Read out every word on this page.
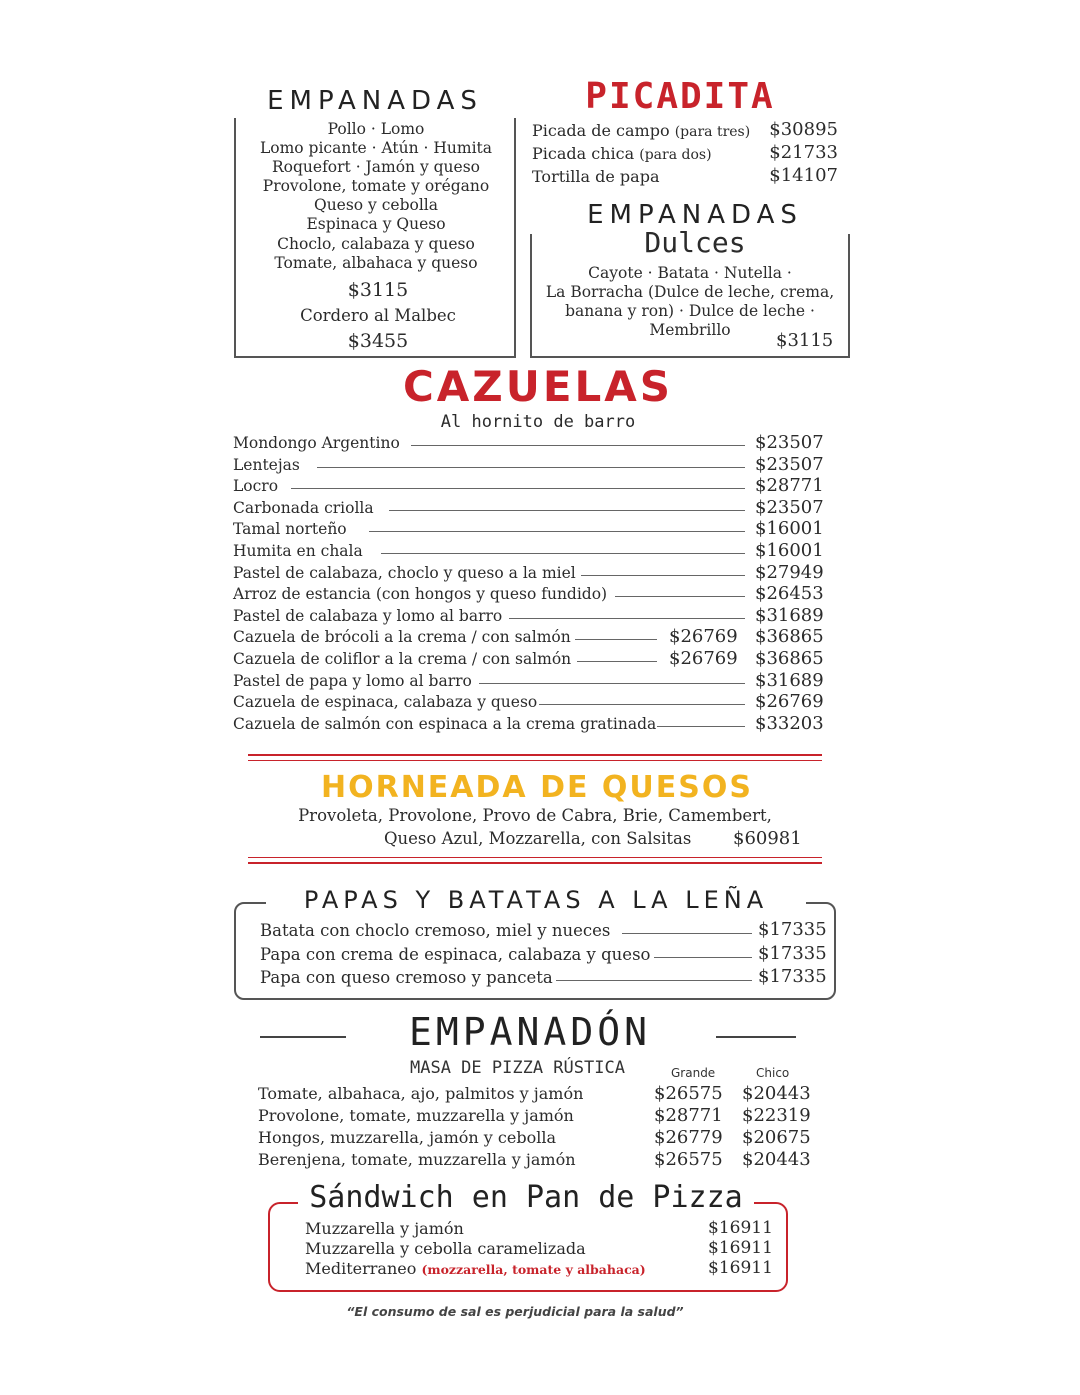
EMPANADAS
Pollo · Lomo
Lomo picante · Atún · Humita
Roquefort · Jamón y queso
Provolone, tomate y orégano
Queso y cebolla
Espinaca y Queso
Choclo, calabaza y queso
Tomate, albahaca y queso
$3115
Cordero al Malbec
$3455
PICADITA
Picada de campo (para tres) $30895
Picada chica (para dos)	$21733
Tortilla de papa	$14107
EMPANADAS
Dulces
Cayote · Batata · Nutella ·
La Borracha (Dulce de leche, crema,
banana y ron) · Dulce de leche ·
Membrillo	$3115
CAZUELAS
Al hornito de barro
Mondongo Argentino	$23507
Lentejas	$23507
Locro	$28771
Carbonada criolla	$23507
Tamal norteño	$16001
Humita en chala	$16001
Pastel de calabaza, choclo y queso a la miel	$27949
Arroz de estancia (con hongos y queso fundido)	$26453
Pastel de calabaza y lomo al barro	$31689
Cazuela de brócoli a la crema / con salmón	$26769 $36865
Cazuela de coliflor a la crema / con salmón	$26769 $36865
Pastel de papa y lomo al barro	$31689
Cazuela de espinaca, calabaza y queso	$26769
Cazuela de salmón con espinaca a la crema gratinada	$33203
HORNEADA DE QUESOS
Provoleta, Provolone, Provo de Cabra, Brie, Camembert,
Queso Azul, Mozzarella, con Salsitas $60981
PAPAS Y BATATAS A LA LEÑA
Batata con choclo cremoso, miel y nueces	$17335
Papa con crema de espinaca, calabaza y queso	$17335
Papa con queso cremoso y panceta	$17335
EMPANADÓN
MASA DE PIZZA RÚSTICA	Grande	Chico
Tomate, albahaca, ajo, palmitos y jamón	$26575 $20443
Provolone, tomate, muzzarella y jamón	$28771 $22319
Hongos, muzzarella, jamón y cebolla	$26779 $20675
Berenjena, tomate, muzzarella y jamón	$26575 $20443
Sándwich en Pan de Pizza
Muzzarella y jamón	$16911
Muzzarella y cebolla caramelizada	$16911
Mediterraneo (mozzarella, tomate y albahaca)	$16911
“El consumo de sal es perjudicial para la salud”
